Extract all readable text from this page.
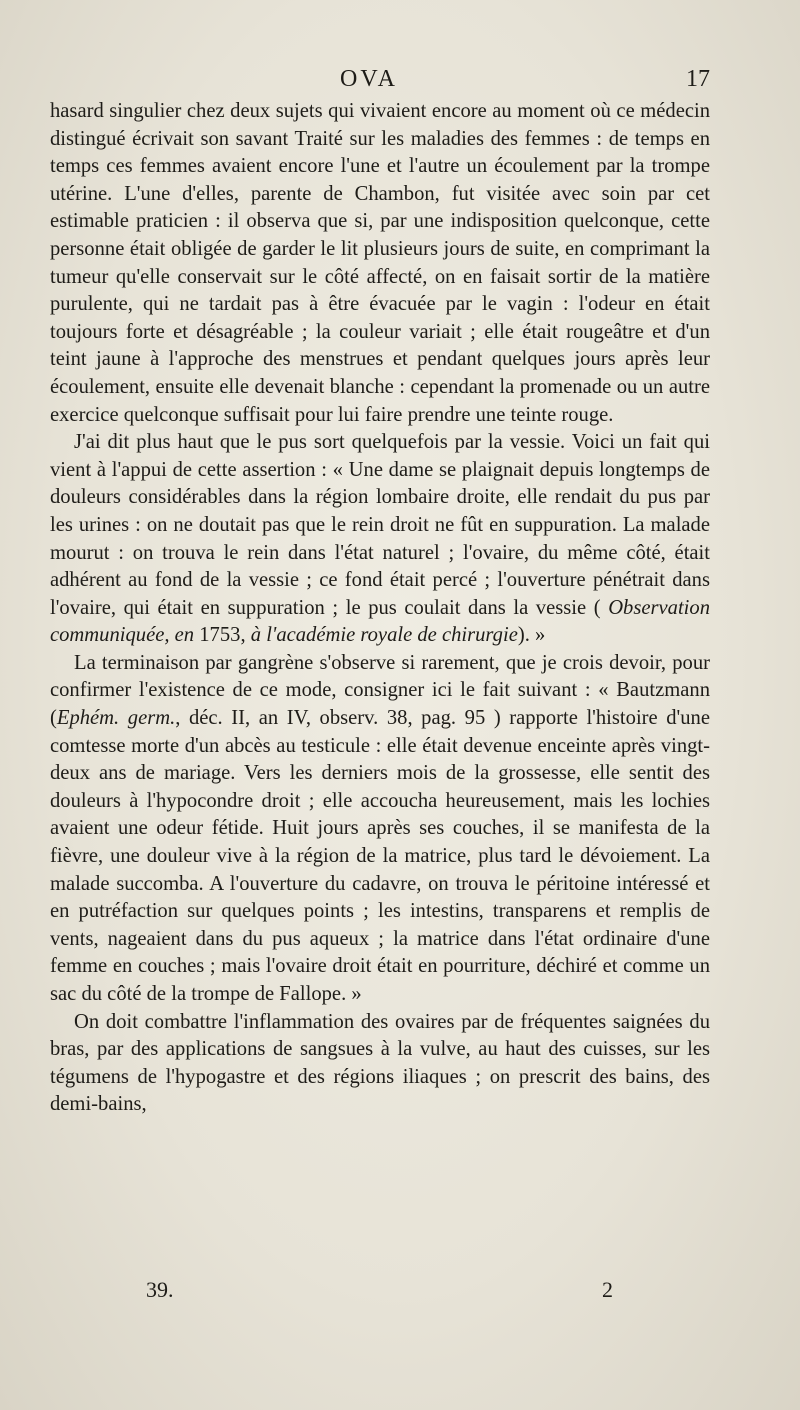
OVA	17

hasard singulier chez deux sujets qui vivaient encore au moment où ce médecin distingué écrivait son savant Traité sur les maladies des femmes : de temps en temps ces femmes avaient encore l'une et l'autre un écoulement par la trompe utérine. L'une d'elles, parente de Chambon, fut visitée avec soin par cet estimable praticien : il observa que si, par une indisposition quelconque, cette personne était obligée de garder le lit plusieurs jours de suite, en comprimant la tumeur qu'elle conservait sur le côté affecté, on en faisait sortir de la matière purulente, qui ne tardait pas à être évacuée par le vagin : l'odeur en était toujours forte et désagréable ; la couleur variait ; elle était rougeâtre et d'un teint jaune à l'approche des menstrues et pendant quelques jours après leur écoulement, ensuite elle devenait blanche : cependant la promenade ou un autre exercice quelconque suffisait pour lui faire prendre une teinte rouge.

J'ai dit plus haut que le pus sort quelquefois par la vessie. Voici un fait qui vient à l'appui de cette assertion : « Une dame se plaignait depuis longtemps de douleurs considérables dans la région lombaire droite, elle rendait du pus par les urines : on ne doutait pas que le rein droit ne fût en suppuration. La malade mourut : on trouva le rein dans l'état naturel ; l'ovaire, du même côté, était adhérent au fond de la vessie ; ce fond était percé ; l'ouverture pénétrait dans l'ovaire, qui était en suppuration ; le pus coulait dans la vessie ( Observation communiquée, en 1753, à l'académie royale de chirurgie). »

La terminaison par gangrène s'observe si rarement, que je crois devoir, pour confirmer l'existence de ce mode, consigner ici le fait suivant : « Bautzmann (Ephém. germ., déc. II, an IV, observ. 38, pag. 95 ) rapporte l'histoire d'une comtesse morte d'un abcès au testicule : elle était devenue enceinte après vingt-deux ans de mariage. Vers les derniers mois de la grossesse, elle sentit des douleurs à l'hypocondre droit ; elle accoucha heureusement, mais les lochies avaient une odeur fétide. Huit jours après ses couches, il se manifesta de la fièvre, une douleur vive à la région de la matrice, plus tard le dévoiement. La malade succomba. A l'ouverture du cadavre, on trouva le péritoine intéressé et en putréfaction sur quelques points ; les intestins, transparens et remplis de vents, nageaient dans du pus aqueux ; la matrice dans l'état ordinaire d'une femme en couches ; mais l'ovaire droit était en pourriture, déchiré et comme un sac du côté de la trompe de Fallope. »

On doit combattre l'inflammation des ovaires par de fréquentes saignées du bras, par des applications de sangsues à la vulve, au haut des cuisses, sur les tégumens de l'hypogastre et des régions iliaques ; on prescrit des bains, des demi-bains,

39.	2
